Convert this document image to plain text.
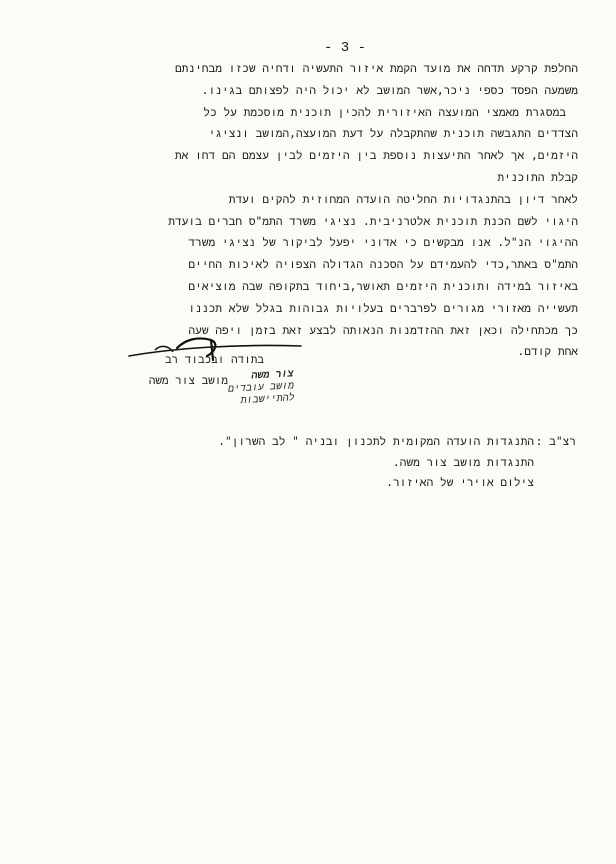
- 3 -
החלפת קרקע תדחה את מועד הקמת איזור התעשיה ודחיה שכזו מבחינתם
משמעה הפסד כספי ניכר,אשר המושב לא יכול היה לפצותם בגינו.
במסגרת מאמצי המועצה האיזורית להכין תוכנית מוסכמת על כל
הצדדים התגבשה תוכנית שהתקבלה על דעת המועצה,המושב ונציגי
היזמים, אך לאחר התיעצות נוספת בין היזמים לבין עצמם הם דחו את
קבלת התוכנית
לאחר דיון בהתנגדויות החליטה הועדה המחוזית להקים ועדת
היגוי לשם הכנת תוכנית אלטרניבית. נציגי משרד התמ"ס חברים בועדת
ההיגוי הנ"ל. אנו מבקשים כי אדוני יפעל לביקור של נציגי משרד
התמ"ס באתר,כדי להעמידם על הסכנה הגדולה הצפויה לאיכות החיים
באיזור בֿמידה ותוכנית היזמים תאושר,ביחוד בתקופה שבה מוציאים
תעשייה מאזורי מגורים לפרברים בעלויות גבוהות בגלל שלא תכננו
כך מכתחילה וכאן זאת ההזדמנות הנאותה לבצע זאת בזמן ויפה שעה
אחת קודם.
בתודה ובכבוד רב
מושב צור משה	צור משה
מושב עובדים
להתיישבות
רצ"ב :התנגדות הועדה המקומית לתכנון ובניה " לב השרון".
התנגדות מושב צור משה.
צילום אוירי של האיזור.
